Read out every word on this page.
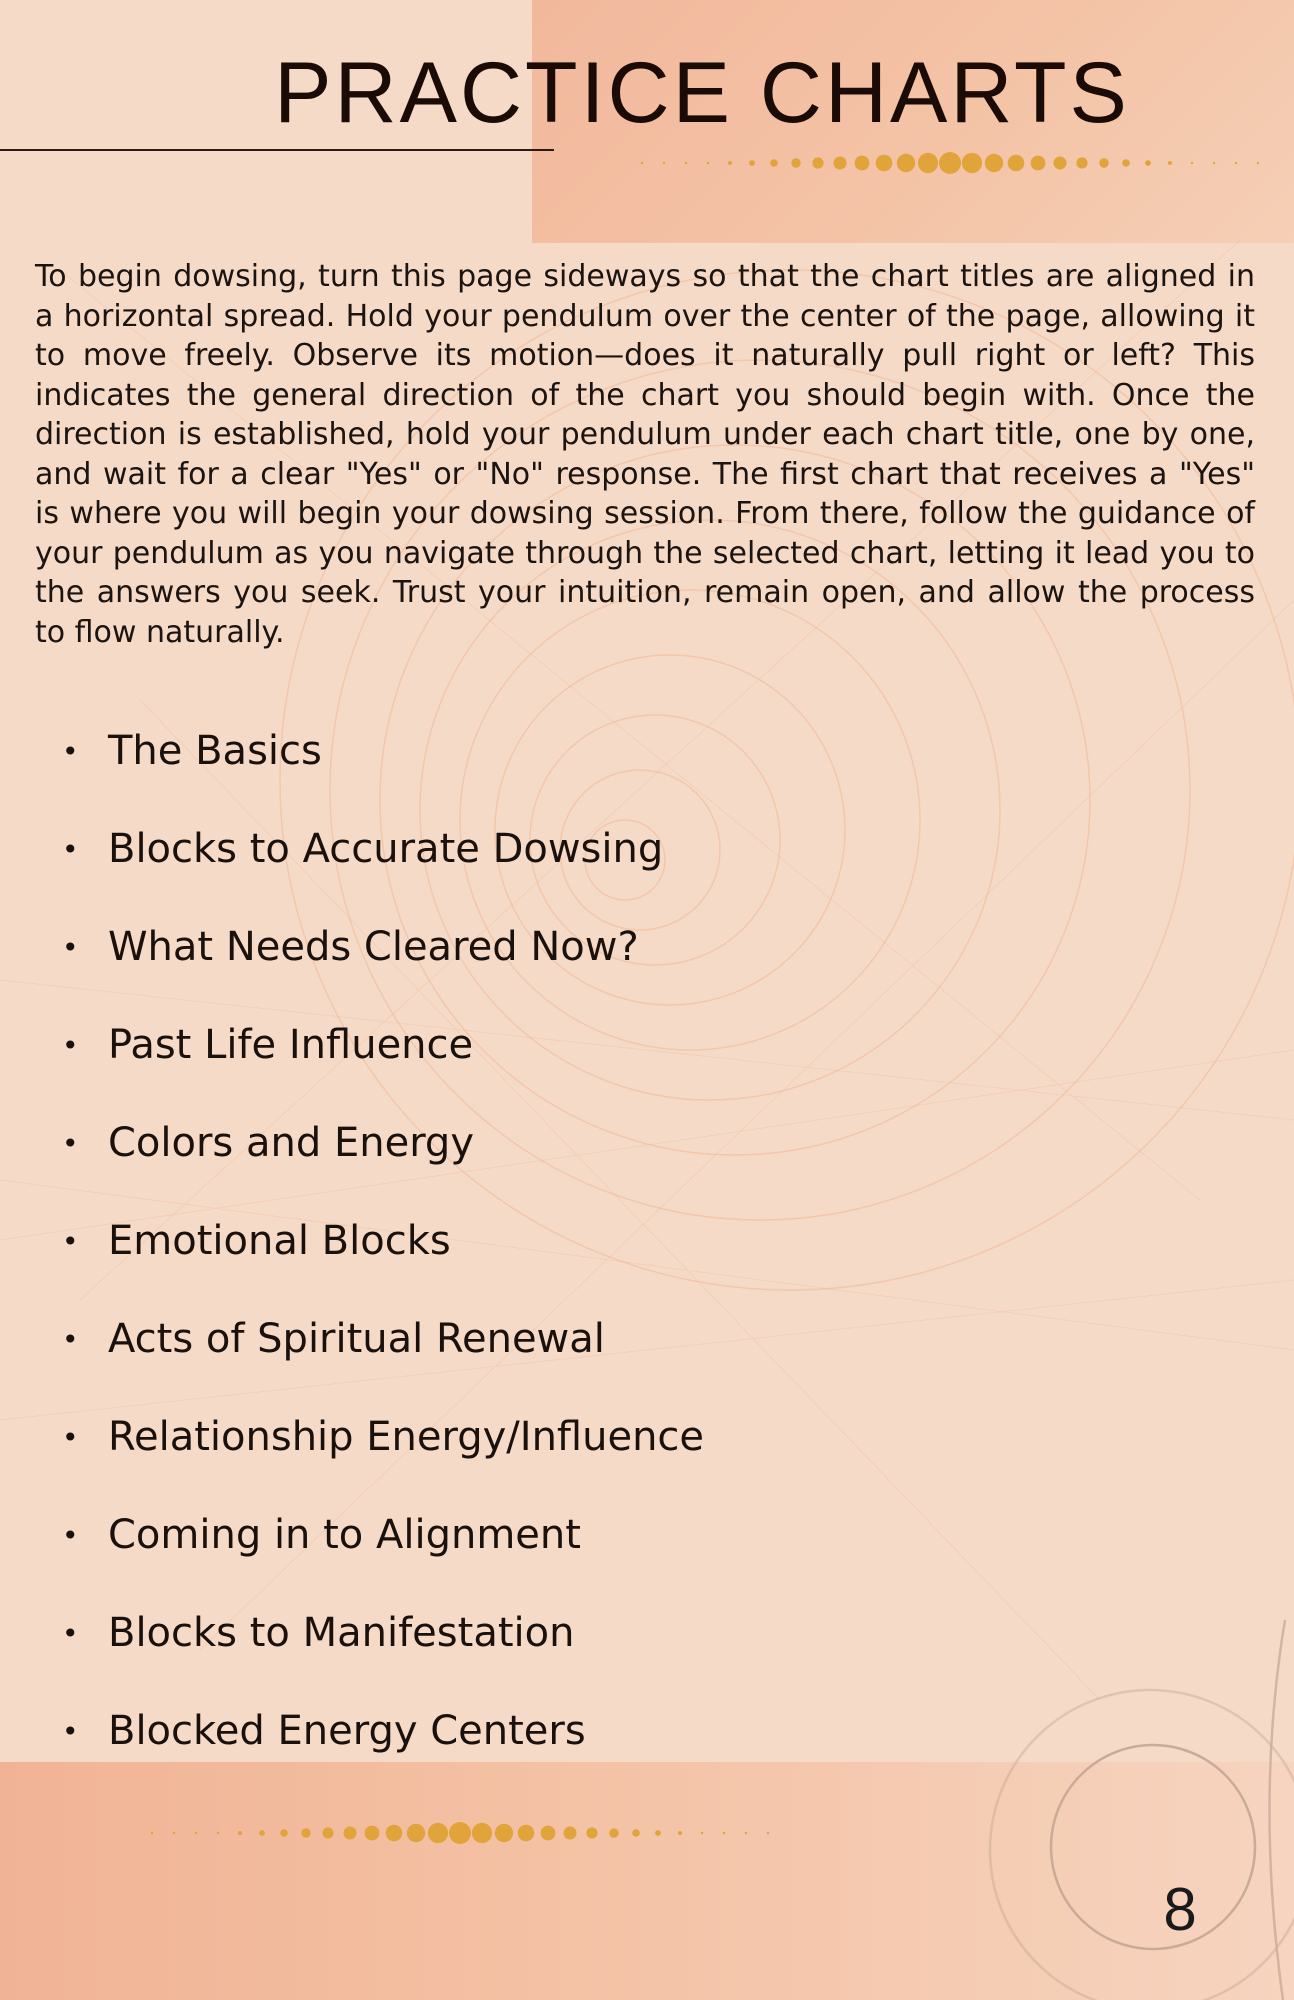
PRACTICE CHARTS

To begin dowsing, turn this page sideways so that the chart titles are aligned in a horizontal spread. Hold your pendulum over the center of the page, allowing it to move freely. Observe its motion—does it naturally pull right or left? This indicates the general direction of the chart you should begin with. Once the direction is established, hold your pendulum under each chart title, one by one, and wait for a clear "Yes" or "No" response. The first chart that receives a "Yes" is where you will begin your dowsing session. From there, follow the guidance of your pendulum as you navigate through the selected chart, letting it lead you to the answers you seek. Trust your intuition, remain open, and allow the process to flow naturally.

• The Basics
• Blocks to Accurate Dowsing
• What Needs Cleared Now?
• Past Life Influence
• Colors and Energy
• Emotional Blocks
• Acts of Spiritual Renewal
• Relationship Energy/Influence
• Coming in to Alignment
• Blocks to Manifestation
• Blocked Energy Centers
8
